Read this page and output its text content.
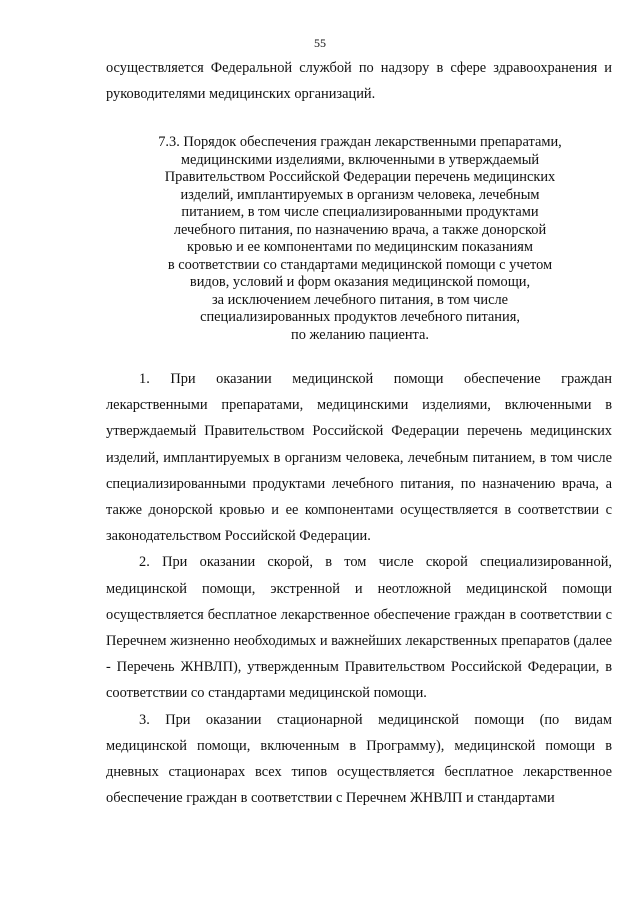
55
осуществляется Федеральной службой по надзору в сфере здравоохранения и руководителями медицинских организаций.
7.3. Порядок обеспечения граждан лекарственными препаратами,
медицинскими изделиями, включенными в утверждаемый
Правительством Российской Федерации перечень медицинских
изделий, имплантируемых в организм человека, лечебным
питанием, в том числе специализированными продуктами
лечебного питания, по назначению врача, а также донорской
кровью и ее компонентами по медицинским показаниям
в соответствии со стандартами медицинской помощи с учетом
видов, условий и форм оказания медицинской помощи,
за исключением лечебного питания, в том числе
специализированных продуктов лечебного питания,
по желанию пациента.

1. При оказании медицинской помощи обеспечение граждан лекарственными препаратами, медицинскими изделиями, включенными в утверждаемый Правительством Российской Федерации перечень медицинских изделий, имплантируемых в организм человека, лечебным питанием, в том числе специализированными продуктами лечебного питания, по назначению врача, а также донорской кровью и ее компонентами осуществляется в соответствии с законодательством Российской Федерации.

2. При оказании скорой, в том числе скорой специализированной, медицинской помощи, экстренной и неотложной медицинской помощи осуществляется бесплатное лекарственное обеспечение граждан в соответствии с Перечнем жизненно необходимых и важнейших лекарственных препаратов (далее - Перечень ЖНВЛП), утвержденным Правительством Российской Федерации, в соответствии со стандартами медицинской помощи.

3. При оказании стационарной медицинской помощи (по видам медицинской помощи, включенным в Программу), медицинской помощи в дневных стационарах всех типов осуществляется бесплатное лекарственное обеспечение граждан в соответствии с Перечнем ЖНВЛП и стандартами
